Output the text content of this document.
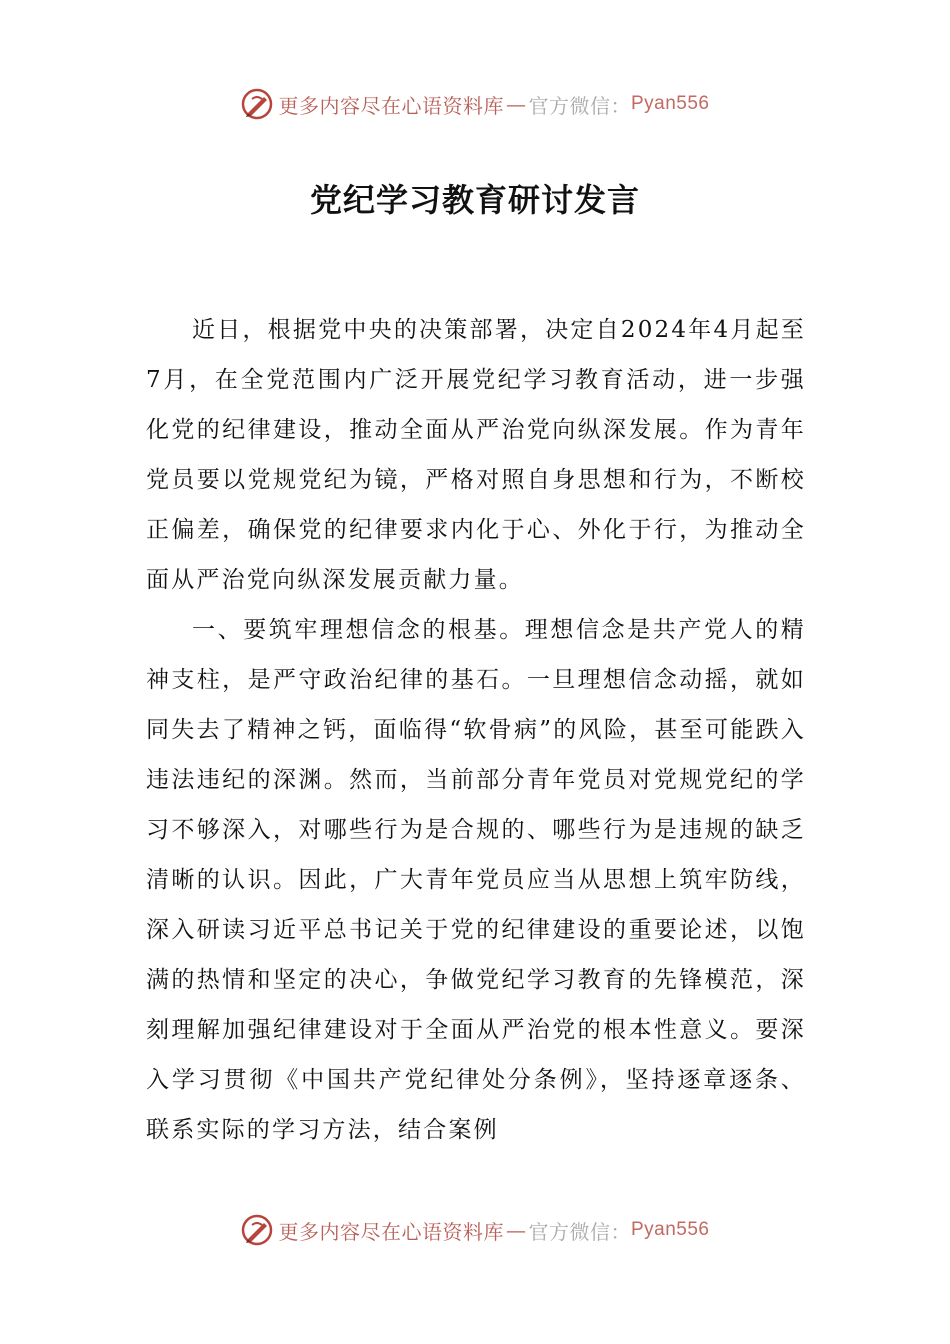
更多内容尽在心语资料库 — 官方微信： Pyan556
党纪学习教育研讨发言

近日，根据党中央的决策部署，决定自2024年4月起至7月，在全党范围内广泛开展党纪学习教育活动，进一步强化党的纪律建设，推动全面从严治党向纵深发展。作为青年党员要以党规党纪为镜，严格对照自身思想和行为，不断校正偏差，确保党的纪律要求内化于心、外化于行，为推动全面从严治党向纵深发展贡献力量。

一、要筑牢理想信念的根基。理想信念是共产党人的精神支柱，是严守政治纪律的基石。一旦理想信念动摇，就如同失去了精神之钙，面临得“软骨病”的风险，甚至可能跌入违法违纪的深渊。然而，当前部分青年党员对党规党纪的学习不够深入，对哪些行为是合规的、哪些行为是违规的缺乏清晰的认识。因此，广大青年党员应当从思想上筑牢防线，深入研读习近平总书记关于党的纪律建设的重要论述，以饱满的热情和坚定的决心，争做党纪学习教育的先锋模范，深刻理解加强纪律建设对于全面从严治党的根本性意义。要深入学习贯彻《中国共产党纪律处分条例》，坚持逐章逐条、联系实际的学习方法，结合案例

更多内容尽在心语资料库 — 官方微信： Pyan556
